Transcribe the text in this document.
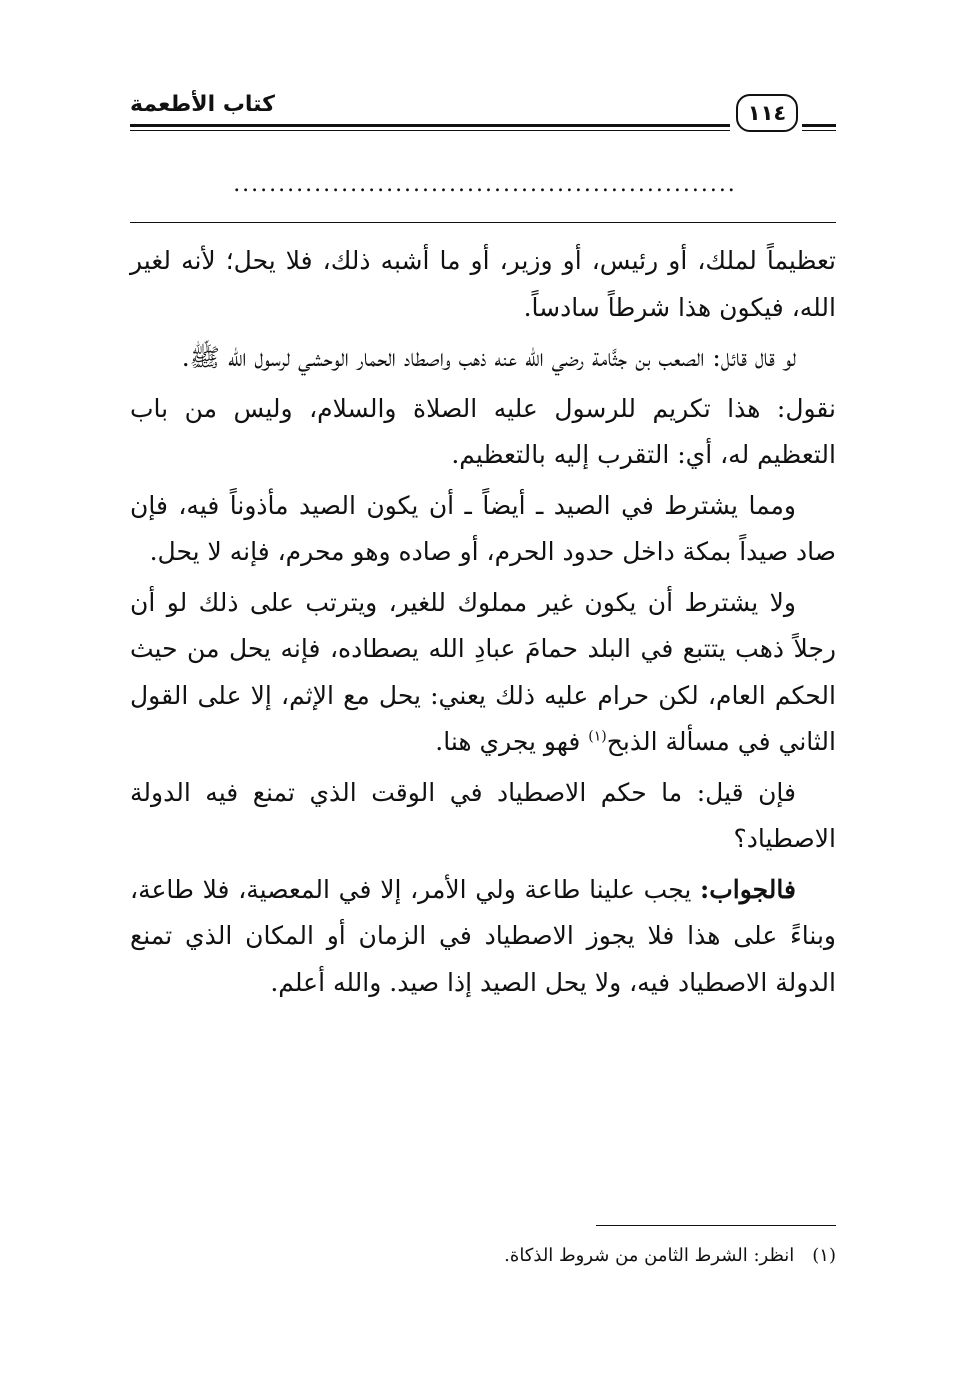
كتاب الأطعمة	١١٤
........................................................

تعظيماً لملك، أو رئيس، أو وزير، أو ما أشبه ذلك، فلا يحل؛ لأنه لغير الله، فيكون هذا شرطاً سادساً.

لو قال قائل: الصعب بن جثَّامة رضي الله عنه ذهب واصطاد الحمار الوحشي لرسول الله ﷺ.

نقول: هذا تكريم للرسول عليه الصلاة والسلام، وليس من باب التعظيم له، أي: التقرب إليه بالتعظيم.

ومما يشترط في الصيد ـ أيضاً ـ أن يكون الصيد مأذوناً فيه، فإن صاد صيداً بمكة داخل حدود الحرم، أو صاده وهو محرم، فإنه لا يحل.

ولا يشترط أن يكون غير مملوك للغير، ويترتب على ذلك لو أن رجلاً ذهب يتتبع في البلد حمامَ عبادِ الله يصطاده، فإنه يحل من حيث الحكم العام، لكن حرام عليه ذلك يعني: يحل مع الإثم، إلا على القول الثاني في مسألة الذبح$^{(١)}$ فهو يجري هنا.

فإن قيل: ما حكم الاصطياد في الوقت الذي تمنع فيه الدولة الاصطياد؟

فالجواب: يجب علينا طاعة ولي الأمر، إلا في المعصية، فلا طاعة، وبناءً على هذا فلا يجوز الاصطياد في الزمان أو المكان الذي تمنع الدولة الاصطياد فيه، ولا يحل الصيد إذا صيد. والله أعلم.

(١)انظر: الشرط الثامن من شروط الذكاة.
